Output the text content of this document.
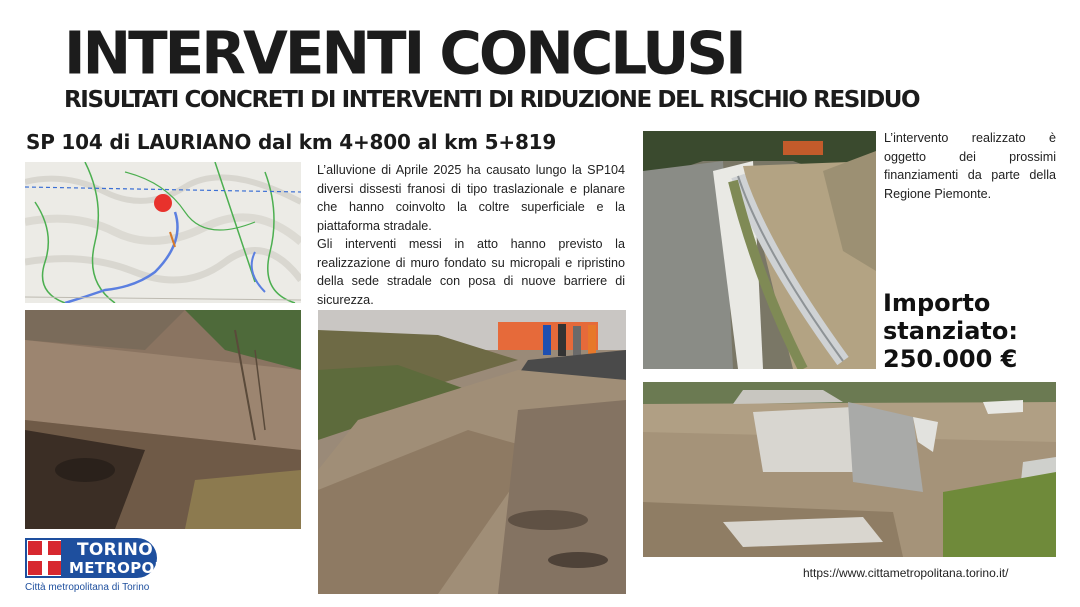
INTERVENTI CONCLUSI
RISULTATI CONCRETI DI INTERVENTI DI RIDUZIONE DEL RISCHIO RESIDUO
SP 104 di LAURIANO dal km 4+800 al km 5+819

L’alluvione di Aprile 2025 ha causato lungo la SP104 diversi dissesti franosi di tipo traslazionale e planare che hanno coinvolto la coltre superficiale e la piattaforma stradale.

Gli interventi messi in atto hanno previsto la realizzazione di muro fondato su micropali e ripristino della sede stradale con posa di nuove barriere di sicurezza.

L’intervento realizzato è oggetto dei prossimi finanziamenti da parte della Regione Piemonte.
Importo stanziato:
250.000 €
TORINO
METROPOLI
Città metropolitana di Torino
https://www.cittametropolitana.torino.it/
